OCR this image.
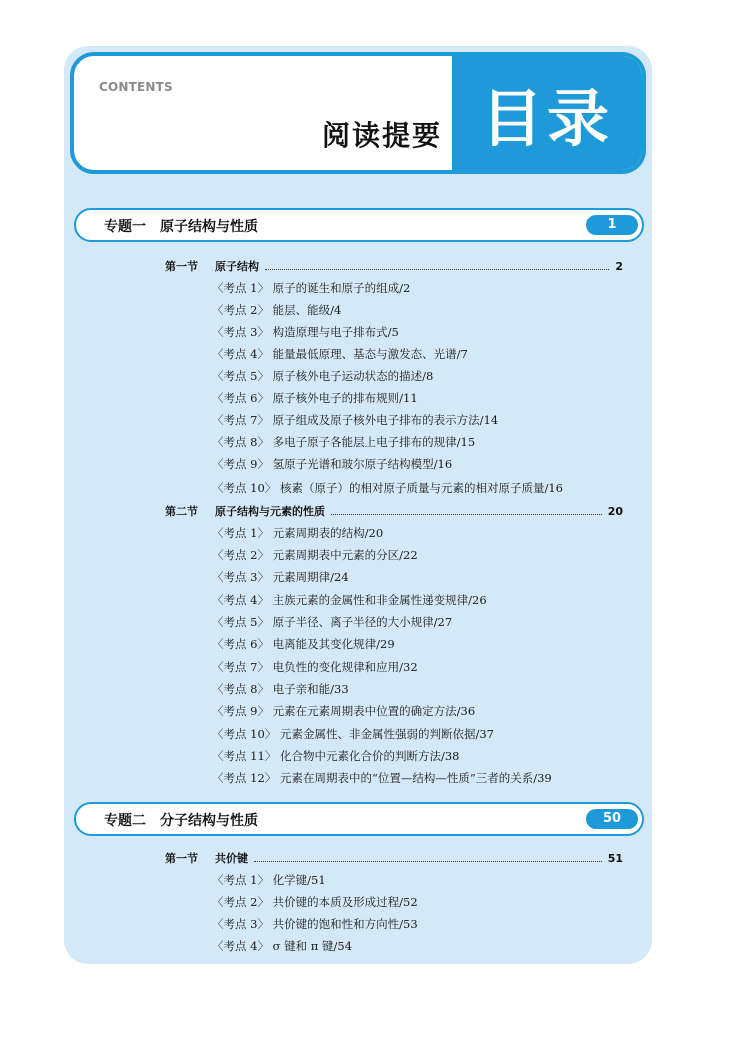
CONTENTS
阅读提要 目录
专题一　原子结构与性质	1
第一节	原子结构	2
〈考点 1〉 原子的诞生和原子的组成/2
〈考点 2〉 能层、能级/4
〈考点 3〉 构造原理与电子排布式/5
〈考点 4〉 能量最低原理、基态与激发态、光谱/7
〈考点 5〉 原子核外电子运动状态的描述/8
〈考点 6〉 原子核外电子的排布规则/11
〈考点 7〉 原子组成及原子核外电子排布的表示方法/14
〈考点 8〉 多电子原子各能层上电子排布的规律/15
〈考点 9〉 氢原子光谱和玻尔原子结构模型/16
〈考点 10〉 核素（原子）的相对原子质量与元素的相对原子质量/16
第二节	原子结构与元素的性质	20
〈考点 1〉 元素周期表的结构/20
〈考点 2〉 元素周期表中元素的分区/22
〈考点 3〉 元素周期律/24
〈考点 4〉 主族元素的金属性和非金属性递变规律/26
〈考点 5〉 原子半径、离子半径的大小规律/27
〈考点 6〉 电离能及其变化规律/29
〈考点 7〉 电负性的变化规律和应用/32
〈考点 8〉 电子亲和能/33
〈考点 9〉 元素在元素周期表中位置的确定方法/36
〈考点 10〉 元素金属性、非金属性强弱的判断依据/37
〈考点 11〉 化合物中元素化合价的判断方法/38
〈考点 12〉 元素在周期表中的“位置—结构—性质”三者的关系/39
专题二　分子结构与性质	50
第一节	共价键	51
〈考点 1〉 化学键/51
〈考点 2〉 共价键的本质及形成过程/52
〈考点 3〉 共价键的饱和性和方向性/53
〈考点 4〉 σ 键和 π 键/54
